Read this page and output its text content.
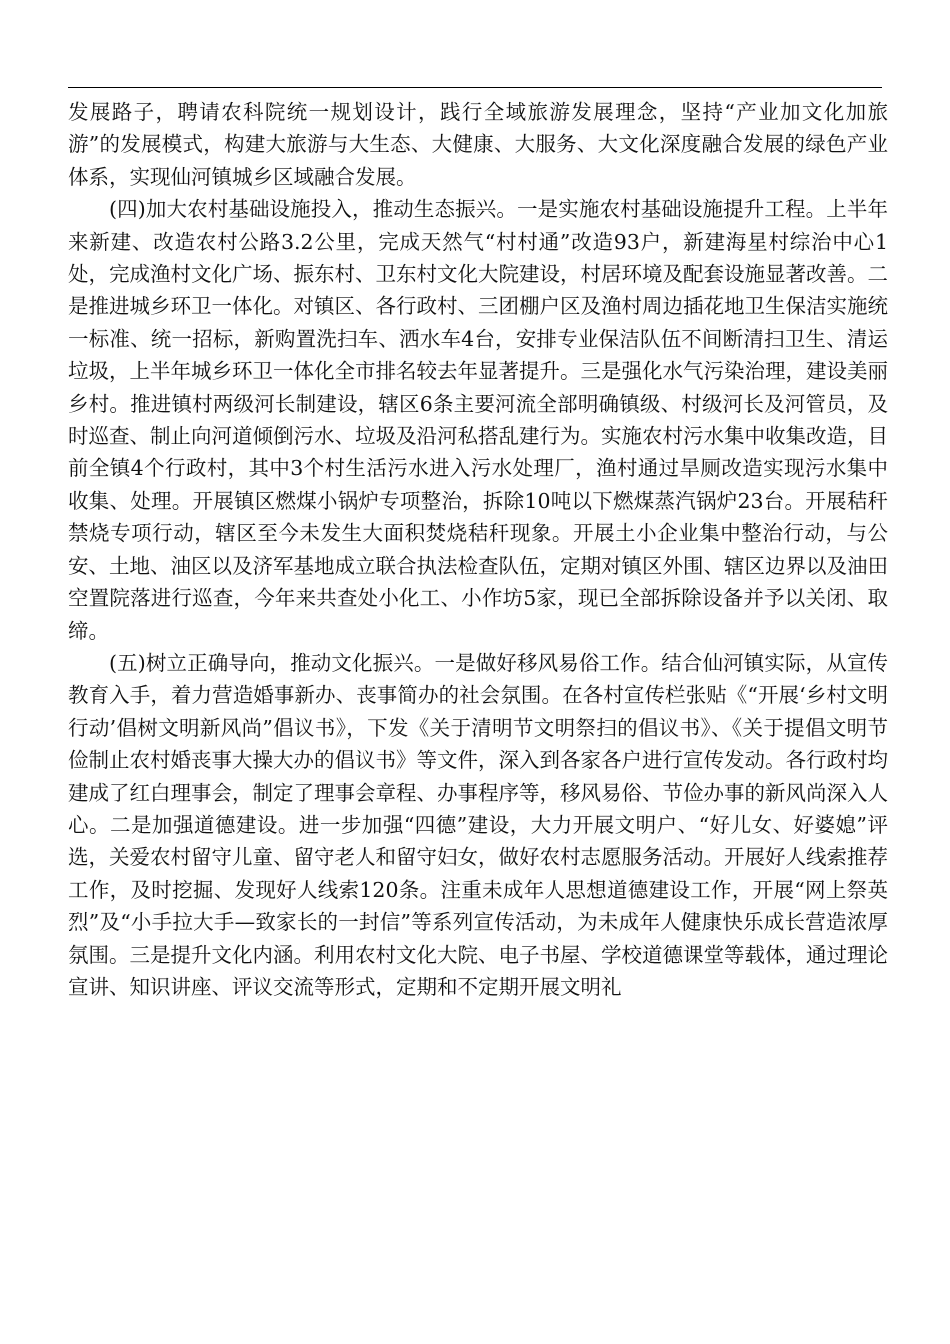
发展路子，聘请农科院统一规划设计，践行全域旅游发展理念，坚持“产业加文化加旅游”的发展模式，构建大旅游与大生态、大健康、大服务、大文化深度融合发展的绿色产业体系，实现仙河镇城乡区域融合发展。

(四)加大农村基础设施投入，推动生态振兴。一是实施农村基础设施提升工程。上半年来新建、改造农村公路3.2公里，完成天然气“村村通”改造93户，新建海星村综治中心1处，完成渔村文化广场、振东村、卫东村文化大院建设，村居环境及配套设施显著改善。二是推进城乡环卫一体化。对镇区、各行政村、三团棚户区及渔村周边插花地卫生保洁实施统一标准、统一招标，新购置洗扫车、洒水车4台，安排专业保洁队伍不间断清扫卫生、清运垃圾，上半年城乡环卫一体化全市排名较去年显著提升。三是强化水气污染治理，建设美丽乡村。推进镇村两级河长制建设，辖区6条主要河流全部明确镇级、村级河长及河管员，及时巡查、制止向河道倾倒污水、垃圾及沿河私搭乱建行为。实施农村污水集中收集改造，目前全镇4个行政村，其中3个村生活污水进入污水处理厂，渔村通过旱厕改造实现污水集中收集、处理。开展镇区燃煤小锅炉专项整治，拆除10吨以下燃煤蒸汽锅炉23台。开展秸秆禁烧专项行动，辖区至今未发生大面积焚烧秸秆现象。开展土小企业集中整治行动，与公安、土地、油区以及济军基地成立联合执法检查队伍，定期对镇区外围、辖区边界以及油田空置院落进行巡查，今年来共查处小化工、小作坊5家，现已全部拆除设备并予以关闭、取缔。

(五)树立正确导向，推动文化振兴。一是做好移风易俗工作。结合仙河镇实际，从宣传教育入手，着力营造婚事新办、丧事简办的社会氛围。在各村宣传栏张贴《“开展‘乡村文明行动’倡树文明新风尚”倡议书》，下发《关于清明节文明祭扫的倡议书》、《关于提倡文明节俭制止农村婚丧事大操大办的倡议书》等文件，深入到各家各户进行宣传发动。各行政村均建成了红白理事会，制定了理事会章程、办事程序等，移风易俗、节俭办事的新风尚深入人心。二是加强道德建设。进一步加强“四德”建设，大力开展文明户、“好儿女、好婆媳”评选，关爱农村留守儿童、留守老人和留守妇女，做好农村志愿服务活动。开展好人线索推荐工作，及时挖掘、发现好人线索120条。注重未成年人思想道德建设工作，开展“网上祭英烈”及“小手拉大手—致家长的一封信”等系列宣传活动，为未成年人健康快乐成长营造浓厚氛围。三是提升文化内涵。利用农村文化大院、电子书屋、学校道德课堂等载体，通过理论宣讲、知识讲座、评议交流等形式，定期和不定期开展文明礼
